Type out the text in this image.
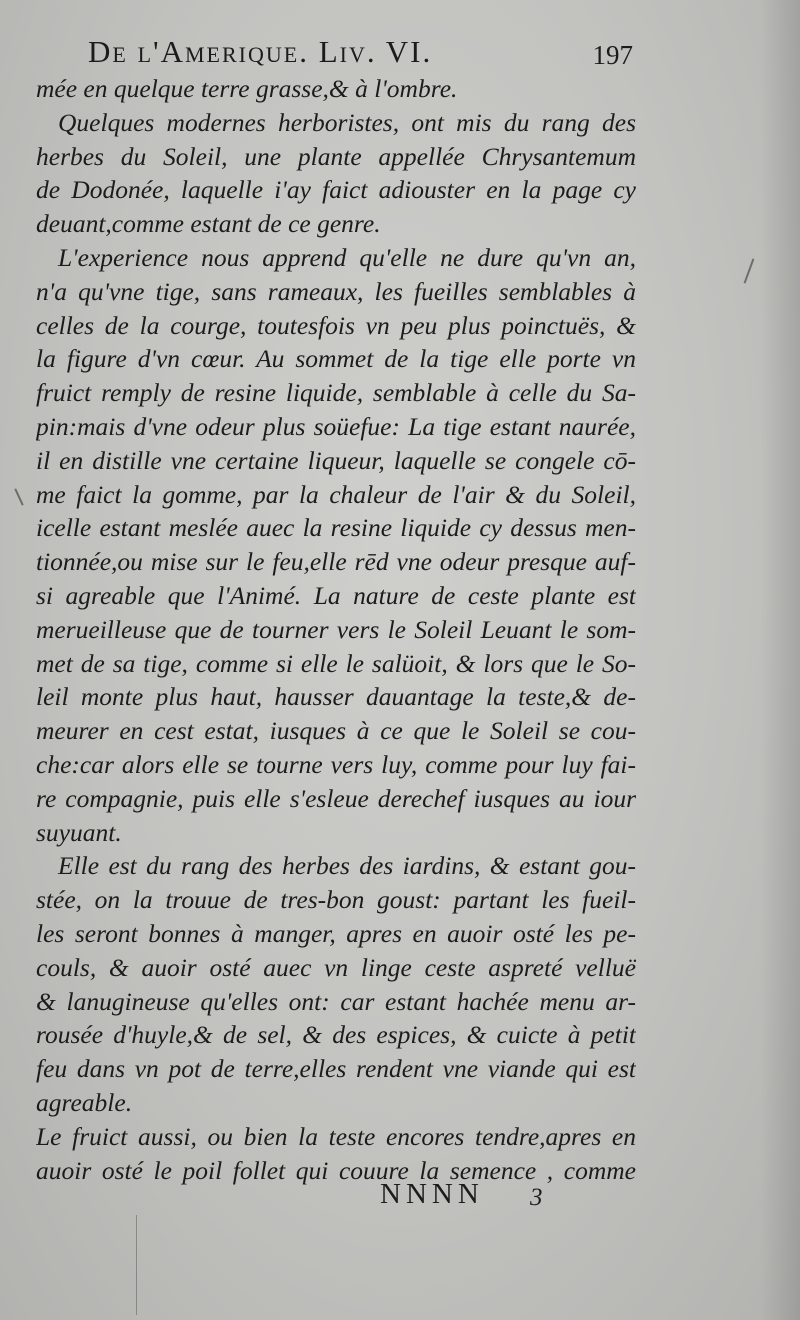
De l'Amerique. Liv. VI.	197
mée en quelque terre grasse,& à l'ombre.
Quelques modernes herboristes, ont mis du rang des
herbes du Soleil, une plante appellée Chrysantemum
de Dodonée, laquelle i'ay faict adiouster en la page cy
deuant,comme estant de ce genre.
L'experience nous apprend qu'elle ne dure qu'vn an,
n'a qu'vne tige, sans rameaux, les fueilles semblables à
celles de la courge, toutesfois vn peu plus poinctuës, &
la figure d'vn cœur. Au sommet de la tige elle porte vn
fruict remply de resine liquide, semblable à celle du Sa-
pin:mais d'vne odeur plus soüefue: La tige estant naurée,
il en distille vne certaine liqueur, laquelle se congele cō-
me faict la gomme, par la chaleur de l'air & du Soleil,
icelle estant meslée auec la resine liquide cy dessus men-
tionnée,ou mise sur le feu,elle rēd vne odeur presque auf-
si agreable que l'Animé. La nature de ceste plante est
merueilleuse que de tourner vers le Soleil Leuant le som-
met de sa tige, comme si elle le salüoit, & lors que le So-
leil monte plus haut, hausser dauantage la teste,& de-
meurer en cest estat, iusques à ce que le Soleil se cou-
che:car alors elle se tourne vers luy, comme pour luy fai-
re compagnie, puis elle s'esleue derechef iusques au iour
suyuant.
Elle est du rang des herbes des iardins, & estant gou-
stée, on la trouue de tres-bon goust: partant les fueil-
les seront bonnes à manger, apres en auoir osté les pe-
couls, & auoir osté auec vn linge ceste aspreté velluë
& lanugineuse qu'elles ont: car estant hachée menu ar-
rousée d'huyle,& de sel, & des espices, & cuicte à petit
feu dans vn pot de terre,elles rendent vne viande qui est
agreable.
Le fruict aussi, ou bien la teste encores tendre,apres en
auoir osté le poil follet qui couure la semence , comme
NNNN 3
